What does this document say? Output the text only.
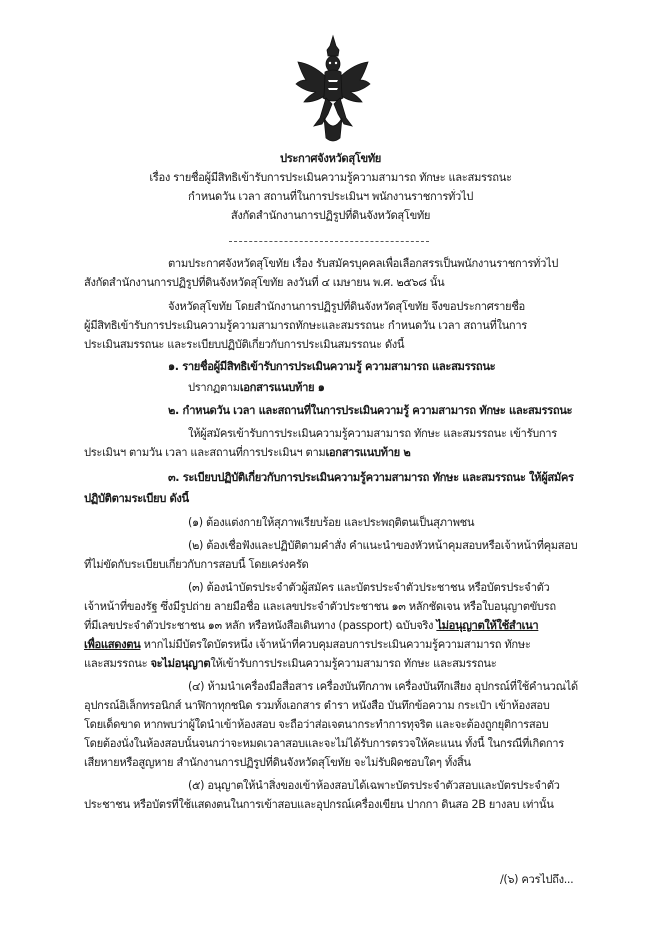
ประกาศจังหวัดสุโขทัย
เรื่อง รายชื่อผู้มีสิทธิเข้ารับการประเมินความรู้ความสามารถ ทักษะ และสมรรถนะ
กำหนดวัน เวลา สถานที่ในการประเมินฯ พนักงานราชการทั่วไป
สังกัดสำนักงานการปฏิรูปที่ดินจังหวัดสุโขทัย
ตามประกาศจังหวัดสุโขทัย เรื่อง รับสมัครบุคคลเพื่อเลือกสรรเป็นพนักงานราชการทั่วไป
สังกัดสำนักงานการปฏิรูปที่ดินจังหวัดสุโขทัย ลงวันที่ ๔ เมษายน พ.ศ. ๒๕๖๘ นั้น
จังหวัดสุโขทัย โดยสำนักงานการปฏิรูปที่ดินจังหวัดสุโขทัย จึงขอประกาศรายชื่อ
ผู้มีสิทธิเข้ารับการประเมินความรู้ความสามารถทักษะและสมรรถนะ กำหนดวัน เวลา สถานที่ในการ
ประเมินสมรรถนะ และระเบียบปฏิบัติเกี่ยวกับการประเมินสมรรถนะ ดังนี้
๑. รายชื่อผู้มีสิทธิเข้ารับการประเมินความรู้ ความสามารถ และสมรรถนะ
ปรากฏตามเอกสารแนบท้าย ๑
๒. กำหนดวัน เวลา และสถานที่ในการประเมินความรู้ ความสามารถ ทักษะ และสมรรถนะ
ให้ผู้สมัครเข้ารับการประเมินความรู้ความสามารถ ทักษะ และสมรรถนะ เข้ารับการ
ประเมินฯ ตามวัน เวลา และสถานที่การประเมินฯ ตามเอกสารแนบท้าย ๒
๓. ระเบียบปฏิบัติเกี่ยวกับการประเมินความรู้ความสามารถ ทักษะ และสมรรถนะ ให้ผู้สมัคร
ปฏิบัติตามระเบียบ ดังนี้
(๑) ต้องแต่งกายให้สุภาพเรียบร้อย และประพฤติตนเป็นสุภาพชน
(๒) ต้องเชื่อฟังและปฏิบัติตามคำสั่ง คำแนะนำของหัวหน้าคุมสอบหรือเจ้าหน้าที่คุมสอบ
ที่ไม่ขัดกับระเบียบเกี่ยวกับการสอบนี้ โดยเคร่งครัด
(๓) ต้องนำบัตรประจำตัวผู้สมัคร และบัตรประจำตัวประชาชน หรือบัตรประจำตัว
เจ้าหน้าที่ของรัฐ ซึ่งมีรูปถ่าย ลายมือชื่อ และเลขประจำตัวประชาชน ๑๓ หลักชัดเจน หรือใบอนุญาตขับรถ
ที่มีเลขประจำตัวประชาชน ๑๓ หลัก หรือหนังสือเดินทาง (passport) ฉบับจริง ไม่อนุญาตให้ใช้สำเนา
เพื่อแสดงตน หากไม่มีบัตรใดบัตรหนึ่ง เจ้าหน้าที่ควบคุมสอบการประเมินความรู้ความสามารถ ทักษะ
และสมรรถนะ จะไม่อนุญาตให้เข้ารับการประเมินความรู้ความสามารถ ทักษะ และสมรรถนะ
(๔) ห้ามนำเครื่องมือสื่อสาร เครื่องบันทึกภาพ เครื่องบันทึกเสียง อุปกรณ์ที่ใช้คำนวณได้
อุปกรณ์อิเล็กทรอนิกส์ นาฬิกาทุกชนิด รวมทั้งเอกสาร ตำรา หนังสือ บันทึกข้อความ กระเป๋า เข้าห้องสอบ
โดยเด็ดขาด หากพบว่าผู้ใดนำเข้าห้องสอบ จะถือว่าส่อเจตนากระทำการทุจริต และจะต้องถูกยุติการสอบ
โดยต้องนั่งในห้องสอบนั้นจนกว่าจะหมดเวลาสอบและจะไม่ได้รับการตรวจให้คะแนน ทั้งนี้ ในกรณีที่เกิดการ
เสียหายหรือสูญหาย สำนักงานการปฏิรูปที่ดินจังหวัดสุโขทัย จะไม่รับผิดชอบใดๆ ทั้งสิ้น
(๕) อนุญาตให้นำสิ่งของเข้าห้องสอบได้เฉพาะบัตรประจำตัวสอบและบัตรประจำตัว
ประชาชน หรือบัตรที่ใช้แสดงตนในการเข้าสอบและอุปกรณ์เครื่องเขียน ปากกา ดินสอ 2B ยางลบ เท่านั้น
/(๖) ควรไปถึง...
